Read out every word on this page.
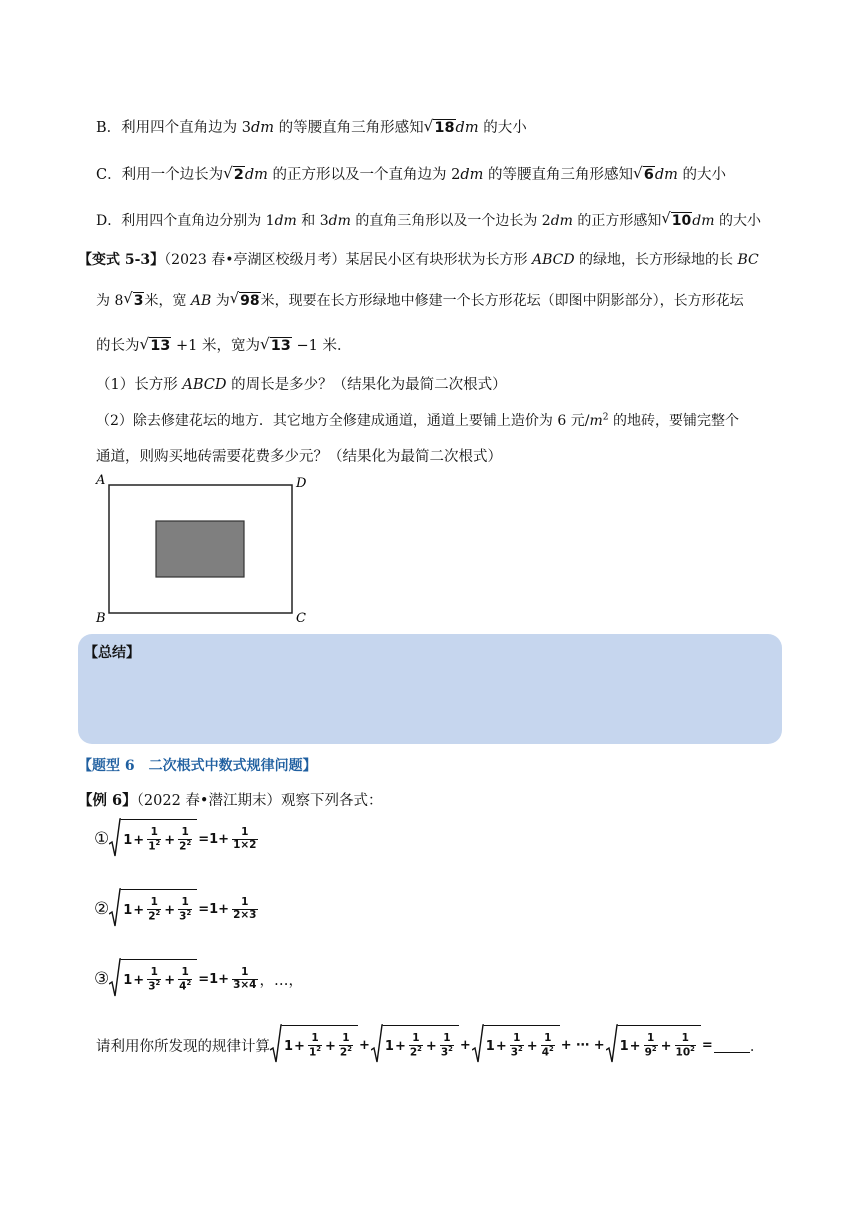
B．利用四个直角边为 3dm 的等腰直角三角形感知 √ 18 dm 的大小
C．利用一个边长为 √ 2 dm 的正方形以及一个直角边为 2dm 的等腰直角三角形感知 √ 6 dm 的大小
D．利用四个直角边分别为 1dm 和 3dm 的直角三角形以及一个边长为 2dm 的正方形感知 √ 10 dm 的大小
【变式 5-3】（2023 春•亭湖区校级月考）某居民小区有块形状为长方形 ABCD 的绿地，长方形绿地的长 BC
为 8 √ 3 米，宽 AB 为 √ 98 米，现要在长方形绿地中修建一个长方形花坛（即图中阴影部分），长方形花坛
的长为 √ 13 +1 米，宽为 √ 13 −1 米．
（1）长方形 ABCD 的周长是多少？（结果化为最简二次根式）
（2）除去修建花坛的地方．其它地方全修建成通道，通道上要铺上造价为 6 元$/m^2$ 的地砖，要铺完整个
通道，则购买地砖需要花费多少元？（结果化为最简二次根式）
A	D
B	C
【总结】
【题型 6　二次根式中数式规律问题】
【例 6】（2022 春•潜江期末）观察下列各式：
① $1 + \frac{1}{1^2} + \frac{1}{2^2} =1+ \frac{1}{1\times 2}$
② $1 + \frac{1}{2^2} + \frac{1}{3^2} =1+ \frac{1}{2\times 3}$
③ $1 + \frac{1}{3^2} + \frac{1}{4^2} =1+ \frac{1}{3\times 4}$ ，…，
请利用你所发现的规律计算 $1 + \frac{1}{1^2} + \frac{1}{2^2} + 1 + \frac{1}{2^2} + \frac{1}{3^2} + 1 + \frac{1}{3^2} + \frac{1}{4^2}$ + ⋯ + $1 + \frac{1}{9^2} + \frac{1}{10^2}$ =	．
